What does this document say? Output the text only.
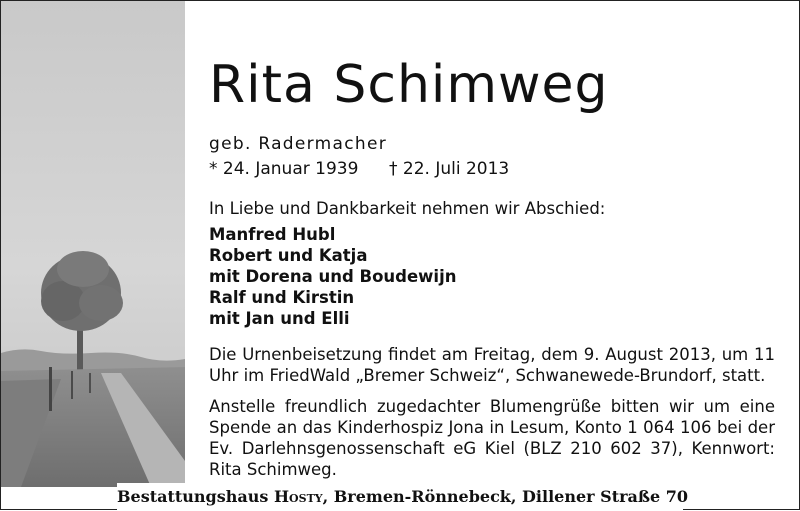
Rita Schimweg
geb. Radermacher
* 24. Januar 1939 † 22. Juli 2013
In Liebe und Dankbarkeit nehmen wir Abschied:
Manfred Hubl
Robert und Katja
mit Dorena und Boudewijn
Ralf und Kirstin
mit Jan und Elli
Die Urnenbeisetzung findet am Freitag, dem 9. August 2013, um 11 Uhr im FriedWald „Bremer Schweiz“, Schwanewede-Brundorf, statt.
Anstelle freundlich zugedachter Blumengrüße bitten wir um eine Spende an das Kinderhospiz Jona in Lesum, Konto 1 064 106 bei der Ev. Darlehnsgenossenschaft eG Kiel (BLZ 210 602 37), Kennwort: Rita Schimweg.
Bestattungshaus Hosty, Bremen-Rönnebeck, Dillener Straße 70
